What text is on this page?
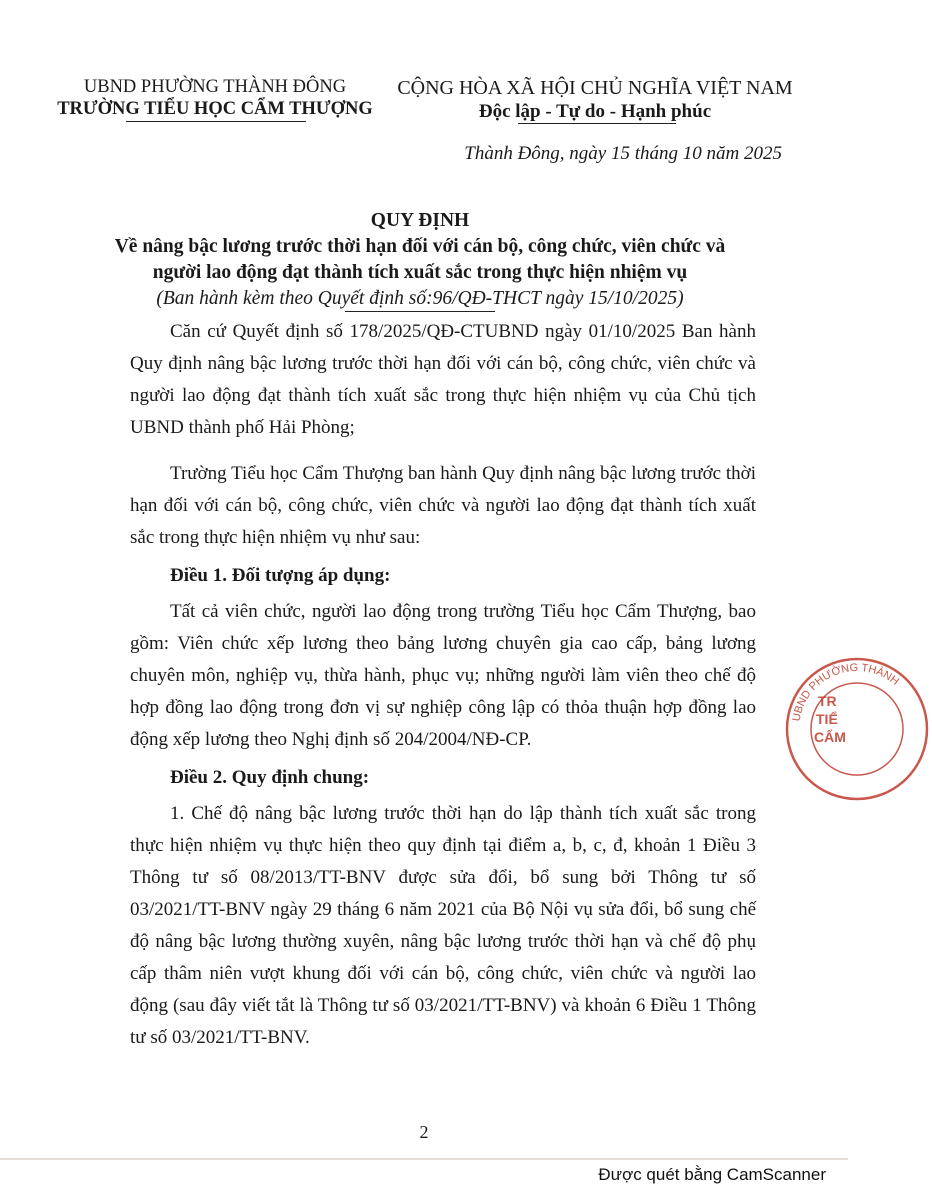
UBND PHƯỜNG THÀNH ĐÔNG
TRƯỜNG TIỂU HỌC CẨM THƯỢNG
CỘNG HÒA XÃ HỘI CHỦ NGHĨA VIỆT NAM
Độc lập - Tự do - Hạnh phúc
Thành Đông, ngày 15 tháng 10 năm 2025
QUY ĐỊNH
Về nâng bậc lương trước thời hạn đối với cán bộ, công chức, viên chức và
người lao động đạt thành tích xuất sắc trong thực hiện nhiệm vụ
(Ban hành kèm theo Quyết định số:96/QĐ-THCT ngày 15/10/2025)

Căn cứ Quyết định số 178/2025/QĐ-CTUBND ngày 01/10/2025 Ban hành Quy định nâng bậc lương trước thời hạn đối với cán bộ, công chức, viên chức và người lao động đạt thành tích xuất sắc trong thực hiện nhiệm vụ của Chủ tịch UBND thành phố Hải Phòng;

Trường Tiểu học Cẩm Thượng ban hành Quy định nâng bậc lương trước thời hạn đối với cán bộ, công chức, viên chức và người lao động đạt thành tích xuất sắc trong thực hiện nhiệm vụ như sau:

Điều 1. Đối tượng áp dụng:

Tất cả viên chức, người lao động trong trường Tiểu học Cẩm Thượng, bao gồm: Viên chức xếp lương theo bảng lương chuyên gia cao cấp, bảng lương chuyên môn, nghiệp vụ, thừa hành, phục vụ; những người làm viên theo chế độ hợp đồng lao động trong đơn vị sự nghiệp công lập có thỏa thuận hợp đồng lao động xếp lương theo Nghị định số 204/2004/NĐ-CP.

Điều 2. Quy định chung:

1. Chế độ nâng bậc lương trước thời hạn do lập thành tích xuất sắc trong thực hiện nhiệm vụ thực hiện theo quy định tại điểm a, b, c, đ, khoản 1 Điều 3 Thông tư số 08/2013/TT-BNV được sửa đổi, bổ sung bởi Thông tư số 03/2021/TT-BNV ngày 29 tháng 6 năm 2021 của Bộ Nội vụ sửa đổi, bổ sung chế độ nâng bậc lương thường xuyên, nâng bậc lương trước thời hạn và chế độ phụ cấp thâm niên vượt khung đối với cán bộ, công chức, viên chức và người lao động (sau đây viết tắt là Thông tư số 03/2021/TT-BNV) và khoản 6 Điều 1 Thông tư số 03/2021/TT-BNV.

UBND PHƯỜNG THÀNH
TR
TIỂ
CẨM
2
Được quét bằng CamScanner
